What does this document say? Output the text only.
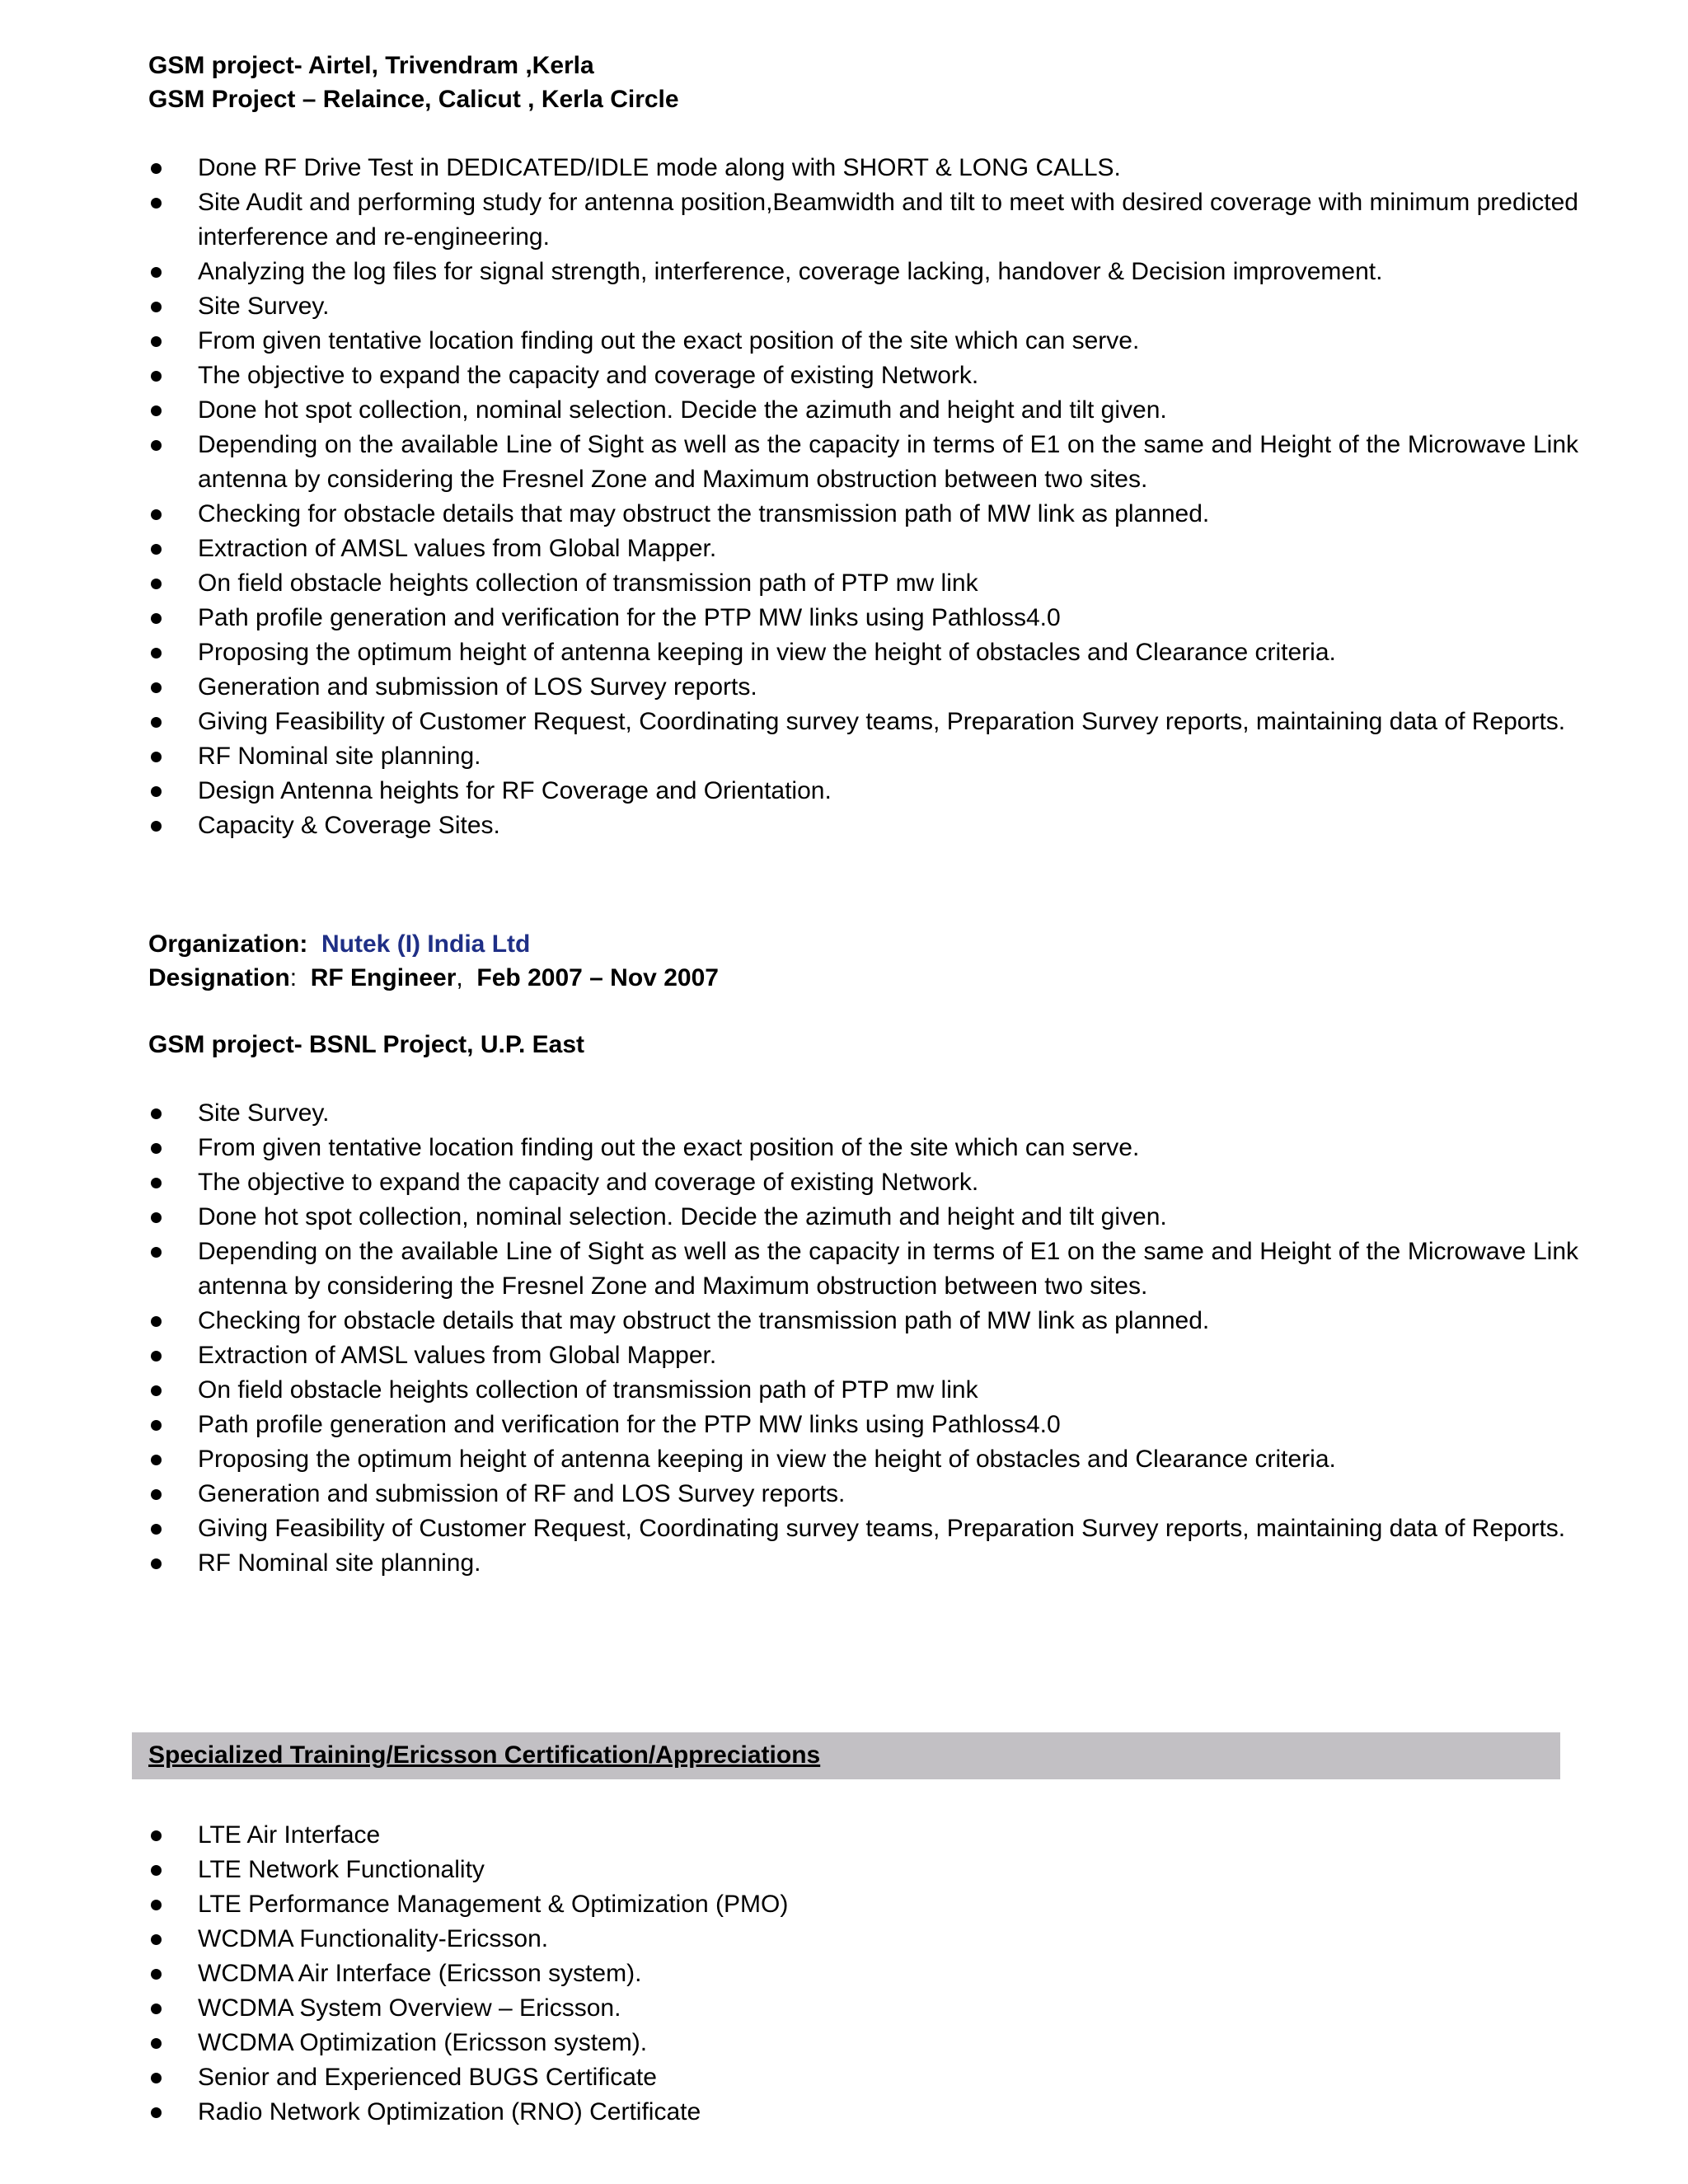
GSM project- Airtel, Trivendram ,Kerla
GSM Project – Relaince, Calicut , Kerla Circle
Done RF Drive Test in DEDICATED/IDLE mode along with SHORT & LONG CALLS.
Site Audit and performing study for antenna position,Beamwidth and tilt to meet with desired coverage with minimum predicted interference and re-engineering.
Analyzing the log files for signal strength, interference, coverage lacking, handover & Decision improvement.
Site Survey.
From given tentative location finding out the exact position of the site which can serve.
The objective to expand the capacity and coverage of existing Network.
Done hot spot collection, nominal selection. Decide the azimuth and height and tilt given.
Depending on the available Line of Sight as well as the capacity in terms of E1 on the same and Height of the Microwave Link antenna by considering the Fresnel Zone and Maximum obstruction between two sites.
Checking for obstacle details that may obstruct the transmission path of MW link as planned.
Extraction of AMSL values from Global Mapper.
On field obstacle heights collection of transmission path of PTP mw link
Path profile generation and verification for the PTP MW links using Pathloss4.0
Proposing the optimum height of antenna keeping in view the height of obstacles and Clearance criteria.
Generation and submission of LOS Survey reports.
Giving Feasibility of Customer Request, Coordinating survey teams, Preparation Survey reports, maintaining data of Reports.
RF Nominal site planning.
Design Antenna heights for RF Coverage and Orientation.
Capacity & Coverage Sites.
Organization: Nutek (I) India Ltd
Designation: RF Engineer, Feb 2007 – Nov 2007
GSM project- BSNL Project, U.P. East
Site Survey.
From given tentative location finding out the exact position of the site which can serve.
The objective to expand the capacity and coverage of existing Network.
Done hot spot collection, nominal selection. Decide the azimuth and height and tilt given.
Depending on the available Line of Sight as well as the capacity in terms of E1 on the same and Height of the Microwave Link antenna by considering the Fresnel Zone and Maximum obstruction between two sites.
Checking for obstacle details that may obstruct the transmission path of MW link as planned.
Extraction of AMSL values from Global Mapper.
On field obstacle heights collection of transmission path of PTP mw link
Path profile generation and verification for the PTP MW links using Pathloss4.0
Proposing the optimum height of antenna keeping in view the height of obstacles and Clearance criteria.
Generation and submission of RF and LOS Survey reports.
Giving Feasibility of Customer Request, Coordinating survey teams, Preparation Survey reports, maintaining data of Reports.
RF Nominal site planning.
Specialized Training/Ericsson Certification/Appreciations
LTE Air Interface
LTE Network Functionality
LTE Performance Management & Optimization (PMO)
WCDMA Functionality-Ericsson.
WCDMA Air Interface (Ericsson system).
WCDMA System Overview – Ericsson.
WCDMA Optimization (Ericsson system).
Senior and Experienced BUGS Certificate
Radio Network Optimization (RNO) Certificate
